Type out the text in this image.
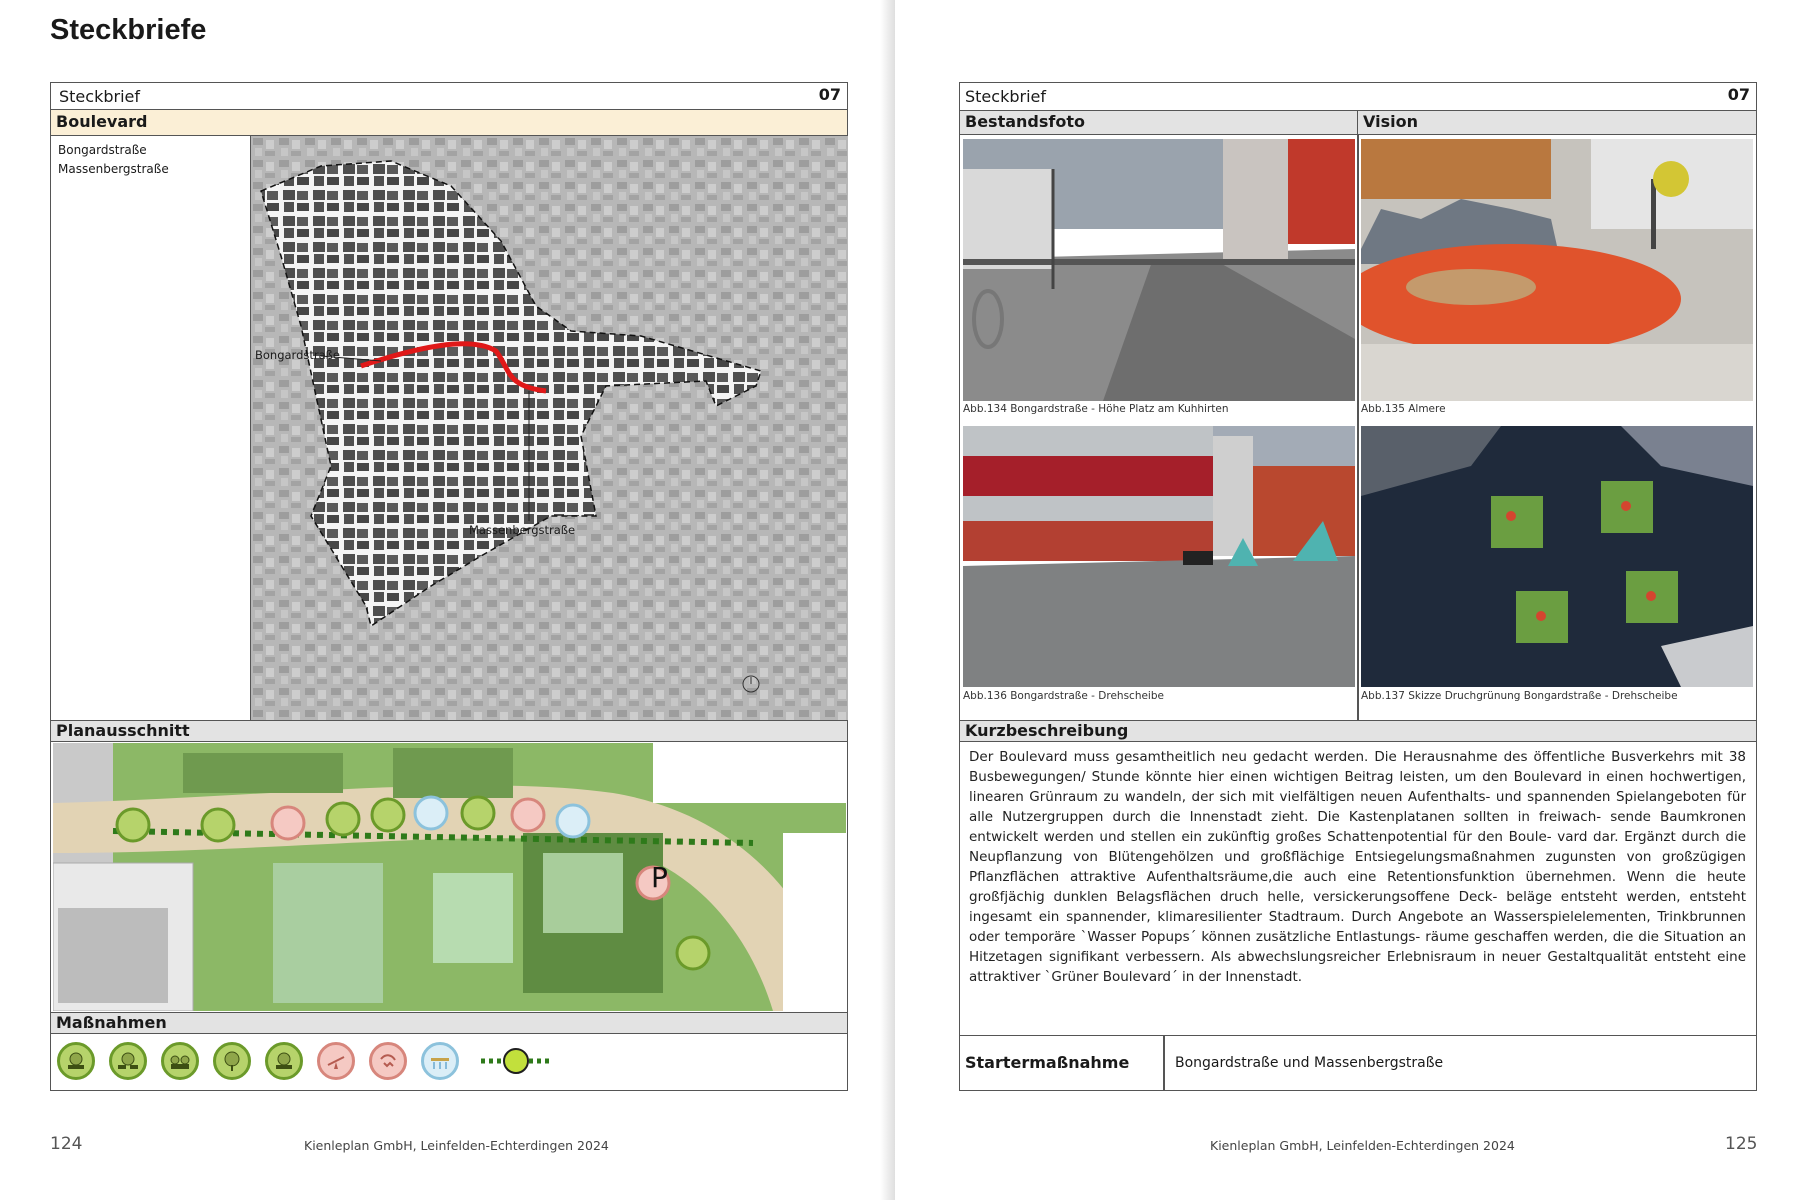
Steckbriefe
Steckbrief	07
Boulevard
Bongardstraße
Massenbergstraße
Bongardstraße
Massenbergstraße
Planausschnitt
P
Maßnahmen
124	Kienleplan GmbH, Leinfelden-Echterdingen 2024
Steckbrief	07
Bestandsfoto	Vision
Abb.134 Bongardstraße - Höhe Platz am Kuhhirten	Abb.135 Almere
Abb.136 Bongardstraße - Drehscheibe	Abb.137 Skizze Druchgrünung Bongardstraße - Drehscheibe
Kurzbeschreibung
Der Boulevard muss gesamtheitlich neu gedacht werden. Die Herausnahme des öffentliche Busverkehrs mit 38 Busbewegungen/ Stunde könnte hier einen wichtigen Beitrag leisten, um den Boulevard in einen hochwertigen, linearen Grünraum zu wandeln, der sich mit vielfältigen neuen Aufenthalts- und spannenden Spielangeboten für alle Nutzergruppen durch die Innenstadt zieht. Die Kastenplatanen sollten in freiwach- sende Baumkronen entwickelt werden und stellen ein zukünftig großes Schattenpotential für den Boule- vard dar. Ergänzt durch die Neupflanzung von Blütengehölzen und großflächige Entsiegelungsmaßnahmen zugunsten von großzügigen Pflanzflächen attraktive Aufenthaltsräume,die auch eine Retentionsfunktion übernehmen. Wenn die heute großfjächig dunklen Belagsflächen druch helle, versickerungsoffene Deck- beläge entsteht werden, entsteht ingesamt ein spannender, klimaresilienter Stadtraum. Durch Angebote an Wasserspielelementen, Trinkbrunnen oder temporäre `Wasser Popups´ können zusätzliche Entlastungs- räume geschaffen werden, die die Situation an Hitzetagen signifikant verbessern. Als abwechslungsreicher Erlebnisraum in neuer Gestaltqualität entsteht eine attraktiver `Grüner Boulevard´ in der Innenstadt.
Startermaßnahme	Bongardstraße und Massenbergstraße
Kienleplan GmbH, Leinfelden-Echterdingen 2024	125
